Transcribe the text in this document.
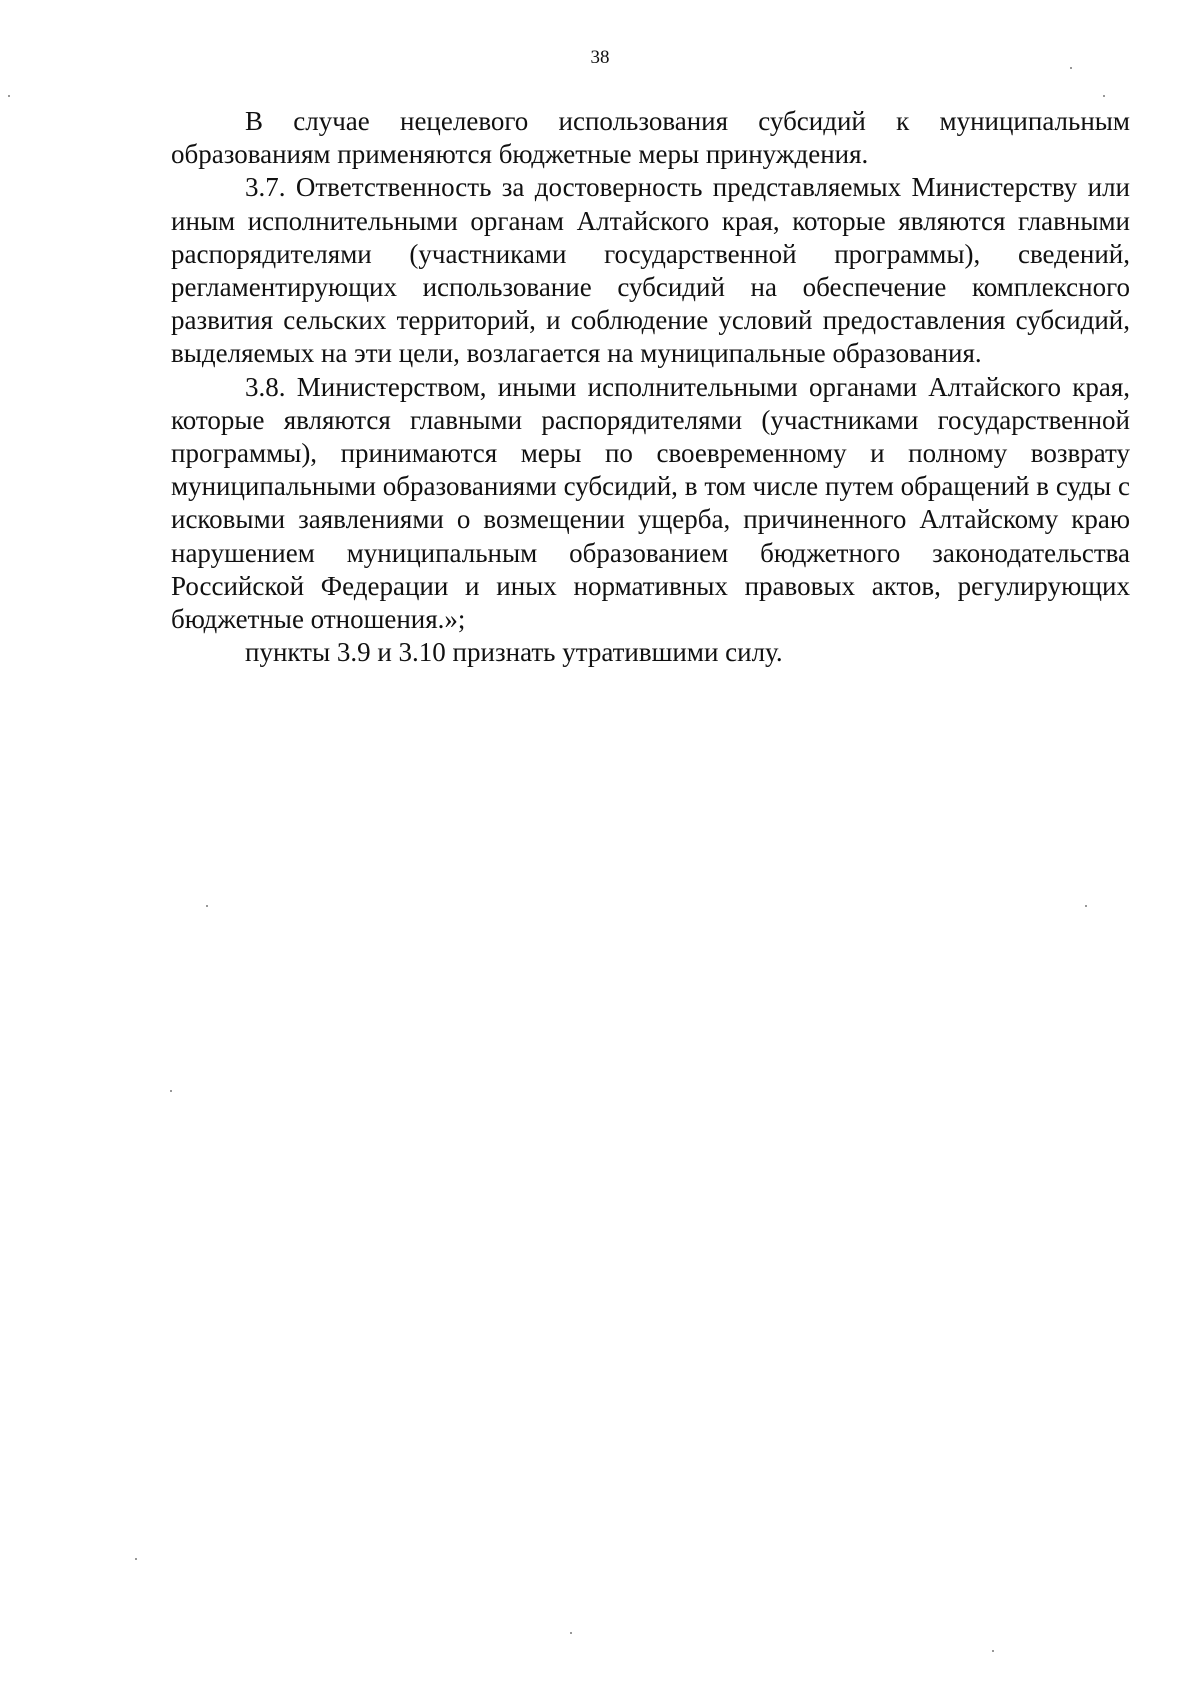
38

В случае нецелевого использования субсидий к муниципальным образованиям применяются бюджетные меры принуждения.

3.7. Ответственность за достоверность представляемых Министерству или иным исполнительными органам Алтайского края, которые являются главными распорядителями (участниками государственной программы), сведений, регламентирующих использование субсидий на обеспечение комплексного развития сельских территорий, и соблюдение условий предоставления субсидий, выделяемых на эти цели, возлагается на муниципальные образования.

3.8. Министерством, иными исполнительными органами Алтайского края, которые являются главными распорядителями (участниками государственной программы), принимаются меры по своевременному и полному возврату муниципальными образованиями субсидий, в том числе путем обращений в суды с исковыми заявлениями о возмещении ущерба, причиненного Алтайскому краю нарушением муниципальным образованием бюджетного законодательства Российской Федерации и иных нормативных правовых актов, регулирующих бюджетные отношения.»;

пункты 3.9 и 3.10 признать утратившими силу.
